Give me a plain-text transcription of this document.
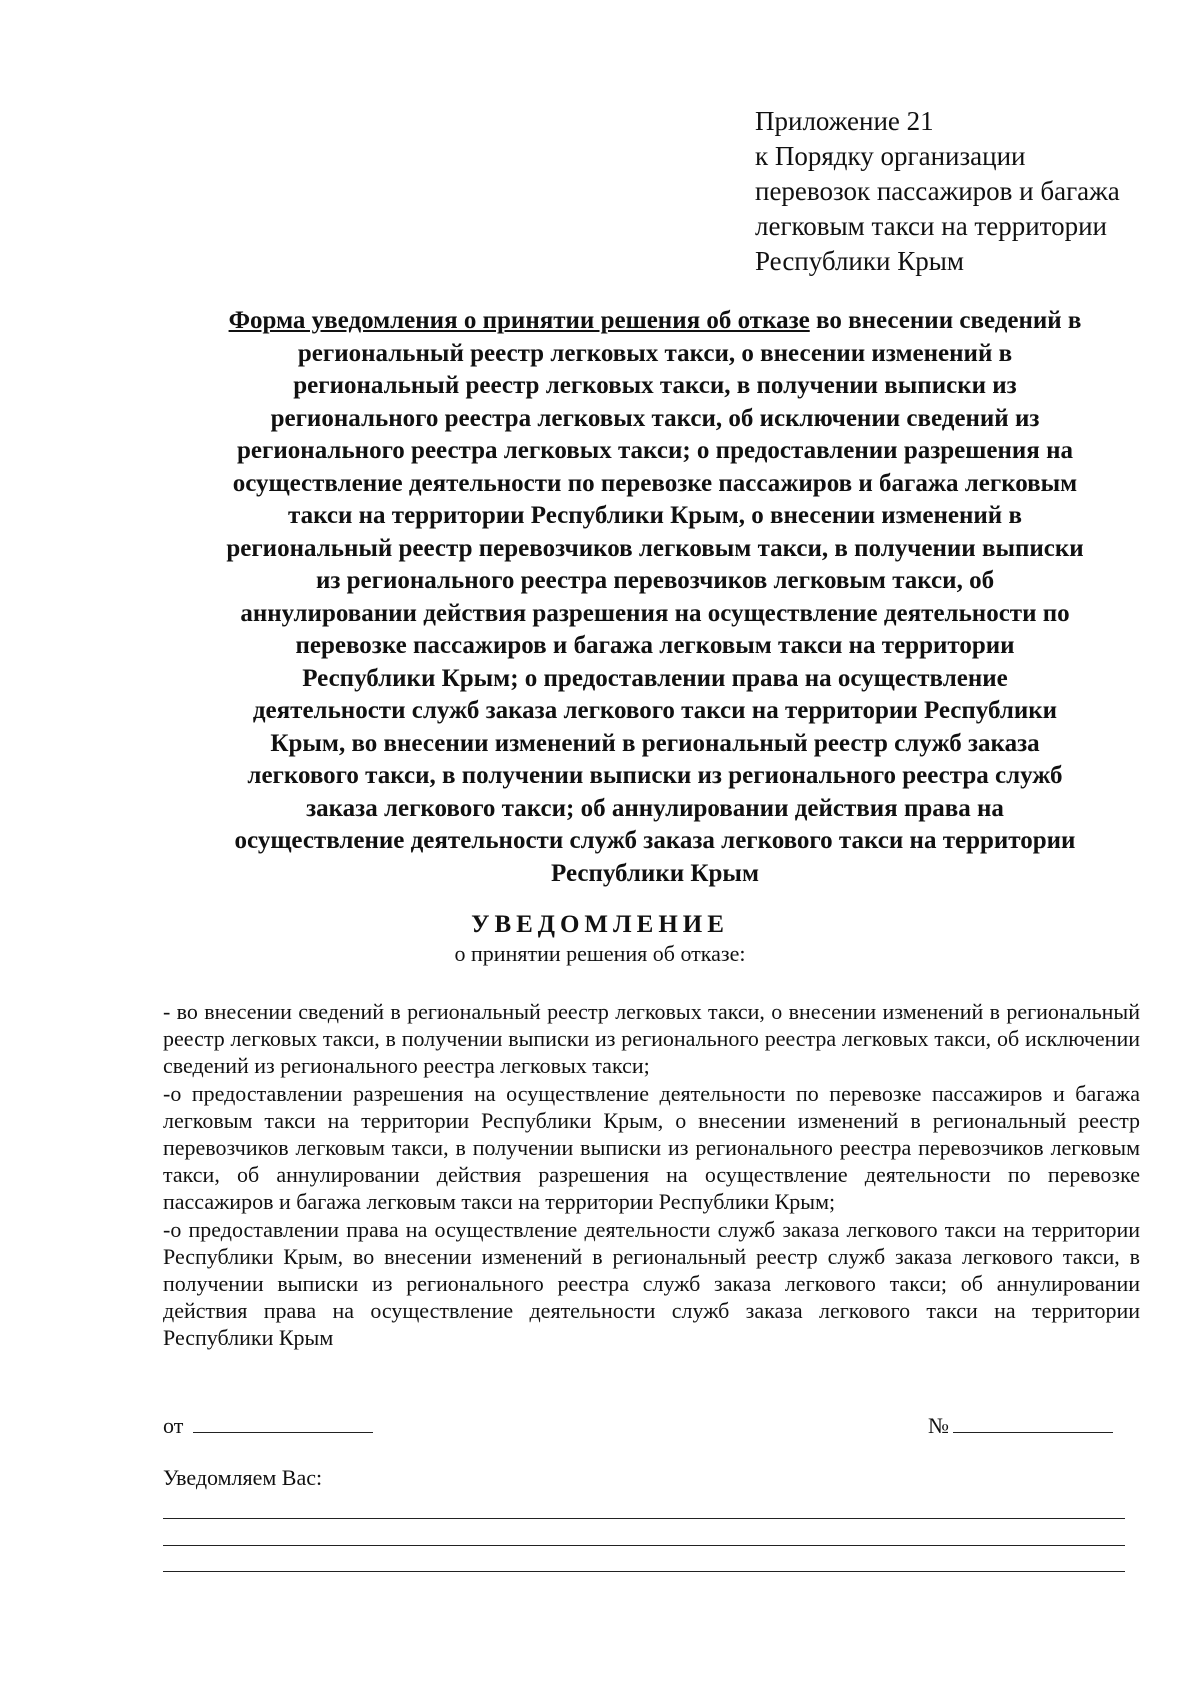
Приложение 21
к Порядку организации
перевозок пассажиров и багажа
легковым такси на территории
Республики Крым
Форма уведомления о принятии решения об отказе во внесении сведений в
региональный реестр легковых такси, о внесении изменений в
региональный реестр легковых такси, в получении выписки из
регионального реестра легковых такси, об исключении сведений из
регионального реестра легковых такси; о предоставлении разрешения на
осуществление деятельности по перевозке пассажиров и багажа легковым
такси на территории Республики Крым, о внесении изменений в
региональный реестр перевозчиков легковым такси, в получении выписки
из регионального реестра перевозчиков легковым такси, об
аннулировании действия разрешения на осуществление деятельности по
перевозке пассажиров и багажа легковым такси на территории
Республики Крым; о предоставлении права на осуществление
деятельности служб заказа легкового такси на территории Республики
Крым, во внесении изменений в региональный реестр служб заказа
легкового такси, в получении выписки из регионального реестра служб
заказа легкового такси; об аннулировании действия права на
осуществление деятельности служб заказа легкового такси на территории
Республики Крым
УВЕДОМЛЕНИЕ
о принятии решения об отказе:

- во внесении сведений в региональный реестр легковых такси, о внесении изменений в региональный реестр легковых такси, в получении выписки из регионального реестра легковых такси, об исключении сведений из регионального реестра легковых такси;

-о предоставлении разрешения на осуществление деятельности по перевозке пассажиров и багажа легковым такси на территории Республики Крым, о внесении изменений в региональный реестр перевозчиков легковым такси, в получении выписки из регионального реестра перевозчиков легковым такси, об аннулировании действия разрешения на осуществление деятельности по перевозке пассажиров и багажа легковым такси на территории Республики Крым;

-о предоставлении права на осуществление деятельности служб заказа легкового такси на территории Республики Крым, во внесении изменений в региональный реестр служб заказа легкового такси, в получении выписки из регионального реестра служб заказа легкового такси; об аннулировании действия права на осуществление деятельности служб заказа легкового такси на территории Республики Крым

от	№
Уведомляем Вас:
